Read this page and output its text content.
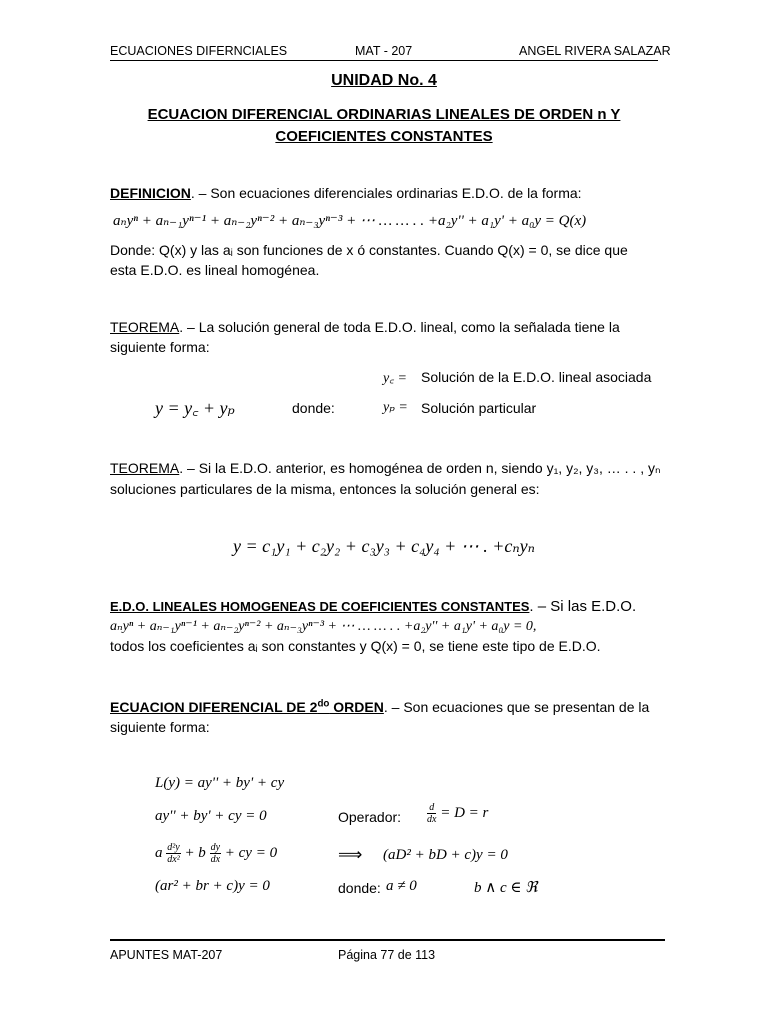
ECUACIONES DIFERNCIALES	MAT - 207	ANGEL RIVERA SALAZAR
UNIDAD No. 4
ECUACION DIFERENCIAL ORDINARIAS LINEALES DE ORDEN n Y
COEFICIENTES CONSTANTES
DEFINICION. – Son ecuaciones diferenciales ordinarias E.D.O. de la forma:
aₙyⁿ + aₙ₋₁yⁿ⁻¹ + aₙ₋₂yⁿ⁻² + aₙ₋₃yⁿ⁻³ + ⋯ … … . . +a₂y'' + a₁y' + a₀y = Q(x)
Donde: Q(x) y las aᵢ son funciones de x ó constantes. Cuando Q(x) = 0, se dice que
esta E.D.O. es lineal homogénea.
TEOREMA. – La solución general de toda E.D.O. lineal, como la señalada tiene la
siguiente forma:
y꜀ = Solución de la E.D.O. lineal asociada
y = y꜀ + yₚ	donde:	yₚ = Solución particular
TEOREMA. – Si la E.D.O. anterior, es homogénea de orden n, siendo y₁, y₂, y₃, … . . , yₙ
soluciones particulares de la misma, entonces la solución general es:
y = c₁y₁ + c₂y₂ + c₃y₃ + c₄y₄ + ⋯ . +cₙyₙ
E.D.O. LINEALES HOMOGENEAS DE COEFICIENTES CONSTANTES. – Si las E.D.O.
aₙyⁿ + aₙ₋₁yⁿ⁻¹ + aₙ₋₂yⁿ⁻² + aₙ₋₃yⁿ⁻³ + ⋯ … … . . +a₂y'' + a₁y' + a₀y = 0,
todos los coeficientes aᵢ son constantes y Q(x) = 0, se tiene este tipo de E.D.O.
ECUACION DIFERENCIAL DE $2^{do}$ ORDEN. – Son ecuaciones que se presentan de la
siguiente forma:
L(y) = ay'' + by' + cy
ay'' + by' + cy = 0	Operador:	$\frac{d}{dx} = D = r$
a $\frac{\text{d²y}}{\text{dx²}} + b \frac{dy}{dx}$ + cy = 0	⟹ (aD² + bD + c)y = 0
(ar² + br + c)y = 0	donde: a ≠ 0	b ∧ c ∈ ℜ
APUNTES MAT-207	Página 77 de 113
